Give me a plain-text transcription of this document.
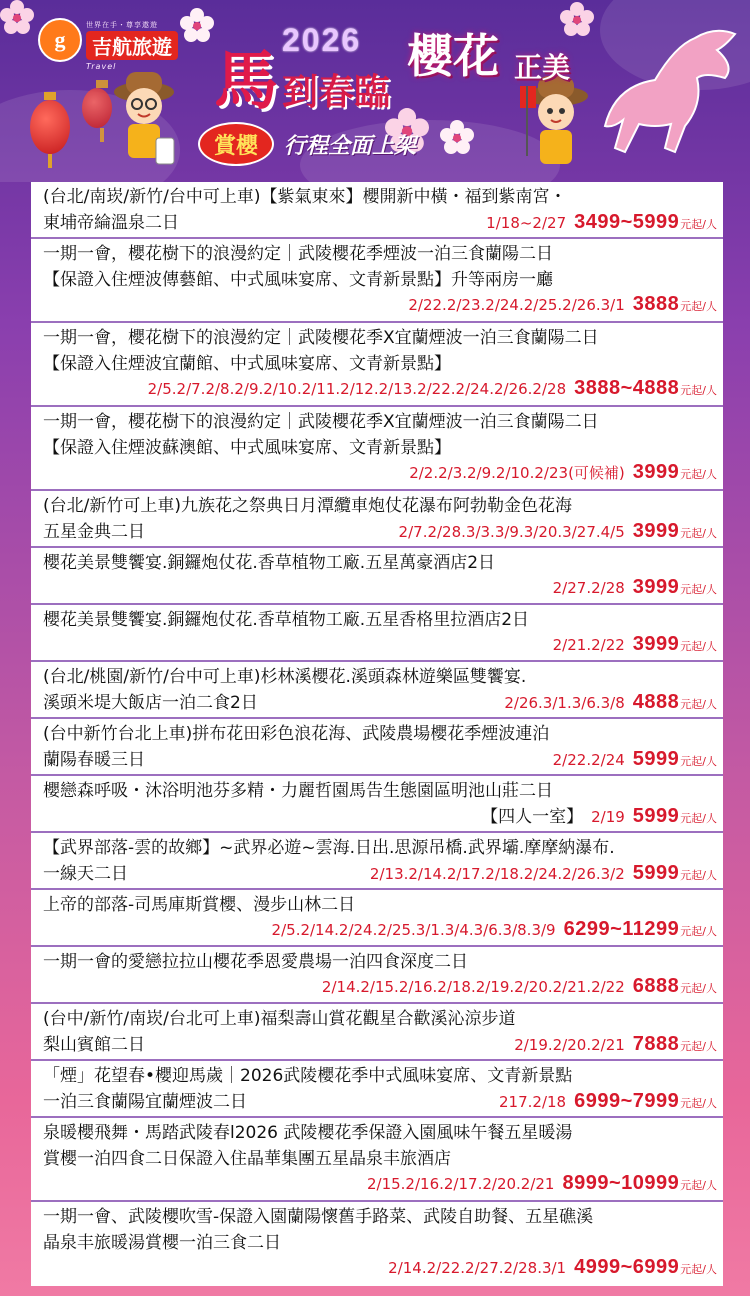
g
世界在手・尊享遨遊
吉航旅遊
Travel
2026
馬 到春臨
櫻花 正美
賞櫻	行程全面上架
(台北/南崁/新竹/台中可上車)【紫氣東來】櫻開新中橫・福到紫南宮・
東埔帝綸溫泉二日	1/18~2/27 3499~5999元起/人
一期一會，櫻花樹下的浪漫約定｜武陵櫻花季煙波一泊三食蘭陽二日
【保證入住煙波傳藝館、中式風味宴席、文青新景點】升等兩房一廳
2/22.2/23.2/24.2/25.2/26.3/1 3888元起/人
一期一會，櫻花樹下的浪漫約定｜武陵櫻花季X宜蘭煙波一泊三食蘭陽二日
【保證入住煙波宜蘭館、中式風味宴席、文青新景點】
2/5.2/7.2/8.2/9.2/10.2/11.2/12.2/13.2/22.2/24.2/26.2/28 3888~4888元起/人
一期一會，櫻花樹下的浪漫約定｜武陵櫻花季X宜蘭煙波一泊三食蘭陽二日
【保證入住煙波蘇澳館、中式風味宴席、文青新景點】
2/2.2/3.2/9.2/10.2/23(可候補) 3999元起/人
(台北/新竹可上車)九族花之祭典日月潭纜車炮仗花瀑布阿勃勒金色花海
五星金典二日	2/7.2/28.3/3.3/9.3/20.3/27.4/5 3999元起/人
櫻花美景雙饗宴.銅鑼炮仗花.香草植物工廠.五星萬豪酒店2日
2/27.2/28 3999元起/人
櫻花美景雙饗宴.銅鑼炮仗花.香草植物工廠.五星香格里拉酒店2日
2/21.2/22 3999元起/人
(台北/桃園/新竹/台中可上車)杉林溪櫻花.溪頭森林遊樂區雙饗宴.
溪頭米堤大飯店一泊二食2日	2/26.3/1.3/6.3/8 4888元起/人
(台中新竹台北上車)拼布花田彩色浪花海、武陵農場櫻花季煙波連泊
蘭陽春暖三日	2/22.2/24 5999元起/人
櫻戀森呼吸・沐浴明池芬多精・力麗哲園馬告生態園區明池山莊二日
【四人一室】 2/19 5999元起/人
【武界部落-雲的故鄉】~武界必遊~雲海.日出.思源吊橋.武界壩.摩摩納瀑布.
一線天二日	2/13.2/14.2/17.2/18.2/24.2/26.3/2 5999元起/人
上帝的部落-司馬庫斯賞櫻、漫步山林二日
2/5.2/14.2/24.2/25.3/1.3/4.3/6.3/8.3/9 6299~11299元起/人
一期一會的愛戀拉拉山櫻花季恩愛農場一泊四食深度二日
2/14.2/15.2/16.2/18.2/19.2/20.2/21.2/22 6888元起/人
(台中/新竹/南崁/台北可上車)福梨壽山賞花觀星合歡溪沁涼步道
梨山賓館二日	2/19.2/20.2/21 7888元起/人
「煙」花望春•櫻迎馬歲｜2026武陵櫻花季中式風味宴席、文青新景點
一泊三食蘭陽宜蘭煙波二日	217.2/18 6999~7999元起/人
泉暖櫻飛舞・馬踏武陵春l2026 武陵櫻花季保證入園風味午餐五星暖湯
賞櫻一泊四食二日保證入住晶華集團五星晶泉丰旅酒店
2/15.2/16.2/17.2/20.2/21 8999~10999元起/人
一期一會、武陵櫻吹雪-保證入園蘭陽懷舊手路菜、武陵自助餐、五星礁溪
晶泉丰旅暖湯賞櫻一泊三食二日
2/14.2/22.2/27.2/28.3/1 4999~6999元起/人
